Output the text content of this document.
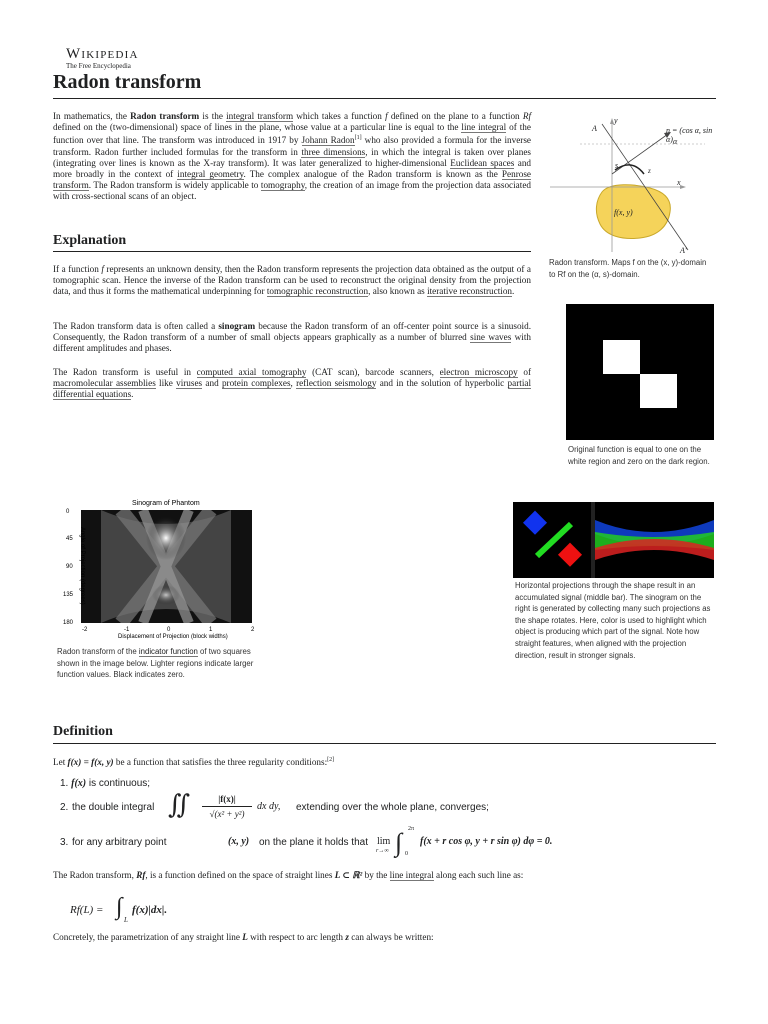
Wikipedia
The Free Encyclopedia
Radon transform
In mathematics, the Radon transform is the integral transform which takes a function f defined on the plane to a function Rf defined on the (two-dimensional) space of lines in the plane, whose value at a particular line is equal to the line integral of the function over that line. The transform was introduced in 1917 by Johann Radon[1] who also provided a formula for the inverse transform. Radon further included formulas for the transform in three dimensions, in which the integral is taken over planes (integrating over lines is known as the X-ray transform). It was later generalized to higher-dimensional Euclidean spaces and more broadly in the context of integral geometry. The complex analogue of the Radon transform is known as the Penrose transform. The Radon transform is widely applicable to tomography, the creation of an image from the projection data associated with cross-sectional scans of an object.
n = (cos α, sin α) α
s
x
y
f(x, y)
A
A'
z
Radon transform. Maps f on the (x, y)-domain to Rf on the (α, s)-domain.
Explanation
If a function f represents an unknown density, then the Radon transform represents the projection data obtained as the output of a tomographic scan. Hence the inverse of the Radon transform can be used to reconstruct the original density from the projection data, and thus it forms the mathematical underpinning for tomographic reconstruction, also known as iterative reconstruction.
The Radon transform data is often called a sinogram because the Radon transform of an off-center point source is a sinusoid. Consequently, the Radon transform of a number of small objects appears graphically as a number of blurred sine waves with different amplitudes and phases.
The Radon transform is useful in computed axial tomography (CAT scan), barcode scanners, electron microscopy of macromolecular assemblies like viruses and protein complexes, reflection seismology and in the solution of hyperbolic partial differential equations.
Original function is equal to one on the white region and zero on the dark region.
Sinogram of Phantom
Angle of Projection (degrees)
0
45
90
135
180
-2	-1	0	1	2
Displacement of Projection (block widths)
Radon transform of the indicator function of two squares shown in the image below. Lighter regions indicate larger function values. Black indicates zero.
Horizontal projections through the shape result in an accumulated signal (middle bar). The sinogram on the right is generated by collecting many such projections as the shape rotates. Here, color is used to highlight which object is producing which part of the signal. Note how straight features, when aligned with the projection direction, result in stronger signals.
Definition
Let f(x) = f(x, y) be a function that satisfies the three regularity conditions:[2]
1. f(x) is continuous;
2. the double integral ∬	|f(x)|
√(x² + y²)
dx dy, extending over the whole plane, converges;
3. for any arbitrary point	(x, y) on the plane it holds that lim
r→∞ ∫ 2π
0
f(x + r cos φ, y + r sin φ) dφ = 0.
The Radon transform, Rf, is a function defined on the space of straight lines L ⊂ ℝ² by the line integral along each such line as:
Rf(L) = ∫ L
f(x)|dx|.
Concretely, the parametrization of any straight line L with respect to arc length z can always be written:
